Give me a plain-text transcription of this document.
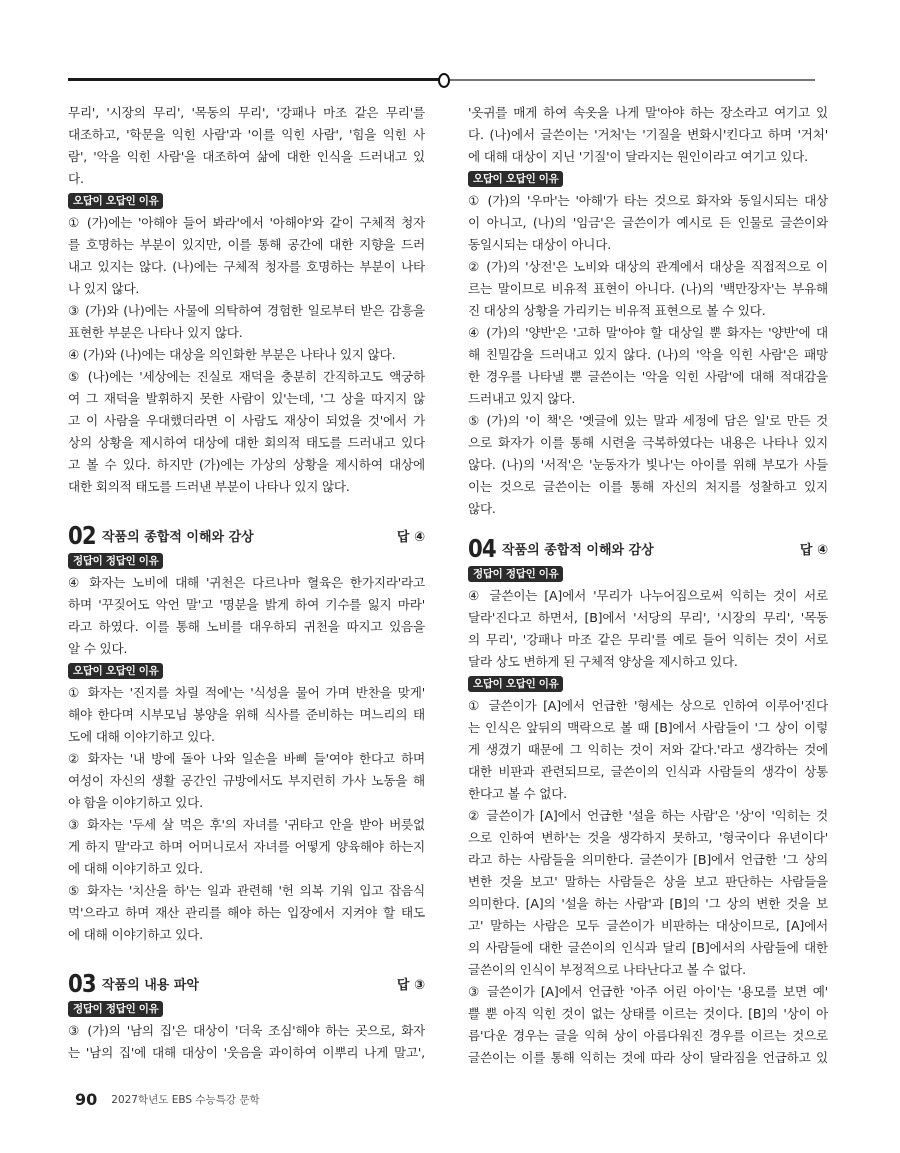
무리', '시장의 무리', '목동의 무리', '강패나 마조 같은 무리'를
대조하고, '학문을 익힌 사람'과 '이를 익힌 사람', '힘을 익힌 사
람', '악을 익힌 사람'을 대조하여 삶에 대한 인식을 드러내고 있
다.
오답이 오답인 이유
① (가)에는 '아해야 들어 봐라'에서 '아해야'와 같이 구체적 청자
를 호명하는 부분이 있지만, 이를 통해 공간에 대한 지향을 드러
내고 있지는 않다. (나)에는 구체적 청자를 호명하는 부분이 나타
나 있지 않다.
③ (가)와 (나)에는 사물에 의탁하여 경험한 일로부터 받은 감흥을
표현한 부분은 나타나 있지 않다.
④ (가)와 (나)에는 대상을 의인화한 부분은 나타나 있지 않다.
⑤ (나)에는 '세상에는 진실로 재덕을 충분히 간직하고도 액궁하
여 그 재덕을 발휘하지 못한 사람이 있'는데, '그 상을 따지지 않
고 이 사람을 우대했더라면 이 사람도 재상이 되었을 것'에서 가
상의 상황을 제시하여 대상에 대한 회의적 태도를 드러내고 있다
고 볼 수 있다. 하지만 (가)에는 가상의 상황을 제시하여 대상에
대한 회의적 태도를 드러낸 부분이 나타나 있지 않다.
02 작품의 종합적 이해와 감상	답 ④
정답이 정답인 이유
④ 화자는 노비에 대해 '귀천은 다르나마 혈육은 한가지라'라고
하며 '꾸짖어도 악언 말'고 '명분을 밝게 하여 기수를 잃지 마라'
라고 하였다. 이를 통해 노비를 대우하되 귀천을 따지고 있음을
알 수 있다.
오답이 오답인 이유
① 화자는 '진지를 차릴 적에'는 '식성을 물어 가며 반찬을 맞게'
해야 한다며 시부모님 봉양을 위해 식사를 준비하는 며느리의 태
도에 대해 이야기하고 있다.
② 화자는 '내 방에 돌아 나와 일손을 바삐 들'여야 한다고 하며
여성이 자신의 생활 공간인 규방에서도 부지런히 가사 노동을 해
야 함을 이야기하고 있다.
③ 화자는 '두세 살 먹은 후'의 자녀를 '귀타고 안을 받아 버릇없
게 하지 말'라고 하며 어머니로서 자녀를 어떻게 양육해야 하는지
에 대해 이야기하고 있다.
⑤ 화자는 '치산을 하'는 일과 관련해 '헌 의복 기워 입고 잡음식
먹'으라고 하며 재산 관리를 해야 하는 입장에서 지켜야 할 태도
에 대해 이야기하고 있다.
03 작품의 내용 파악	답 ③
정답이 정답인 이유
③ (가)의 '남의 집'은 대상이 '더욱 조심'해야 하는 곳으로, 화자
는 '남의 집'에 대해 대상이 '웃음을 과이하여 이뿌리 나게 말고',
'옷귀를 매게 하여 속옷을 나게 말'아야 하는 장소라고 여기고 있
다. (나)에서 글쓴이는 '거처'는 '기질을 변화시'킨다고 하며 '거처'
에 대해 대상이 지닌 '기질'이 달라지는 원인이라고 여기고 있다.
오답이 오답인 이유
① (가)의 '우마'는 '아해'가 타는 것으로 화자와 동일시되는 대상
이 아니고, (나)의 '임금'은 글쓴이가 예시로 든 인물로 글쓴이와
동일시되는 대상이 아니다.
② (가)의 '상전'은 노비와 대상의 관계에서 대상을 직접적으로 이
르는 말이므로 비유적 표현이 아니다. (나)의 '백만장자'는 부유해
진 대상의 상황을 가리키는 비유적 표현으로 볼 수 있다.
④ (가)의 '양반'은 '고하 말'아야 할 대상일 뿐 화자는 '양반'에 대
해 친밀감을 드러내고 있지 않다. (나)의 '악을 익힌 사람'은 패망
한 경우를 나타낼 뿐 글쓴이는 '악을 익힌 사람'에 대해 적대감을
드러내고 있지 않다.
⑤ (가)의 '이 책'은 '옛글에 있는 말과 세정에 담은 일'로 만든 것
으로 화자가 이를 통해 시련을 극복하였다는 내용은 나타나 있지
않다. (나)의 '서적'은 '눈동자가 빛나'는 아이를 위해 부모가 사들
이는 것으로 글쓴이는 이를 통해 자신의 처지를 성찰하고 있지
않다.
04 작품의 종합적 이해와 감상	답 ④
정답이 정답인 이유
④ 글쓴이는 [A]에서 '무리가 나누어짐으로써 익히는 것이 서로
달라'진다고 하면서, [B]에서 '서당의 무리', '시장의 무리', '목동
의 무리', '강패나 마조 같은 무리'를 예로 들어 익히는 것이 서로
달라 상도 변하게 된 구체적 양상을 제시하고 있다.
오답이 오답인 이유
① 글쓴이가 [A]에서 언급한 '형세는 상으로 인하여 이루어'진다
는 인식은 앞뒤의 맥락으로 볼 때 [B]에서 사람들이 '그 상이 이렇
게 생겼기 때문에 그 익히는 것이 저와 같다.'라고 생각하는 것에
대한 비판과 관련되므로, 글쓴이의 인식과 사람들의 생각이 상통
한다고 볼 수 없다.
② 글쓴이가 [A]에서 언급한 '설을 하는 사람'은 '상'이 '익히는 것
으로 인하여 변하'는 것을 생각하지 못하고, '형국이다 유년이다'
라고 하는 사람들을 의미한다. 글쓴이가 [B]에서 언급한 '그 상의
변한 것을 보고' 말하는 사람들은 상을 보고 판단하는 사람들을
의미한다. [A]의 '설을 하는 사람'과 [B]의 '그 상의 변한 것을 보
고' 말하는 사람은 모두 글쓴이가 비판하는 대상이므로, [A]에서
의 사람들에 대한 글쓴이의 인식과 달리 [B]에서의 사람들에 대한
글쓴이의 인식이 부정적으로 나타난다고 볼 수 없다.
③ 글쓴이가 [A]에서 언급한 '아주 어린 아이'는 '용모를 보면 예'
쁠 뿐 아직 익힌 것이 없는 상태를 이르는 것이다. [B]의 '상이 아
름'다운 경우는 글을 익혀 상이 아름다워진 경우를 이르는 것으로
글쓴이는 이를 통해 익히는 것에 따라 상이 달라짐을 언급하고 있
90 2027학년도 EBS 수능특강 문학
